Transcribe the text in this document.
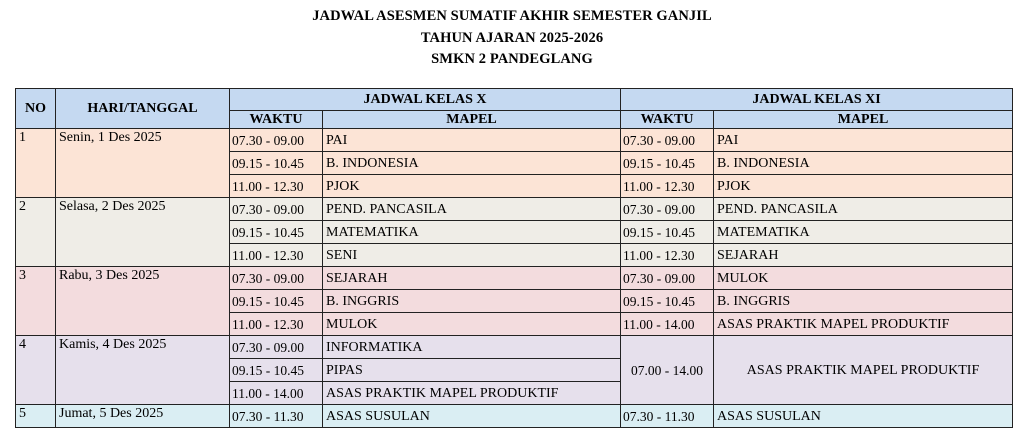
JADWAL ASESMEN SUMATIF AKHIR SEMESTER GANJIL
TAHUN AJARAN 2025-2026
SMKN 2 PANDEGLANG
NO	HARI/TANGGAL	JADWAL KELAS X		JADWAL KELAS XI	
		WAKTU	MAPEL	WAKTU	MAPEL
1	Senin, 1 Des 2025	07.30 - 09.00	PAI	07.30 - 09.00	PAI
		09.15 - 10.45	B. INDONESIA	09.15 - 10.45	B. INDONESIA
		11.00 - 12.30	PJOK	11.00 - 12.30	PJOK
2	Selasa, 2 Des 2025	07.30 - 09.00	PEND. PANCASILA	07.30 - 09.00	PEND. PANCASILA
		09.15 - 10.45	MATEMATIKA	09.15 - 10.45	MATEMATIKA
		11.00 - 12.30	SENI	11.00 - 12.30	SEJARAH
3	Rabu, 3 Des 2025	07.30 - 09.00	SEJARAH	07.30 - 09.00	MULOK
		09.15 - 10.45	B. INGGRIS	09.15 - 10.45	B. INGGRIS
		11.00 - 12.30	MULOK	11.00 - 14.00	ASAS PRAKTIK MAPEL PRODUKTIF
4	Kamis, 4 Des 2025	07.30 - 09.00	INFORMATIKA	07.00 - 14.00	ASAS PRAKTIK MAPEL PRODUKTIF
		09.15 - 10.45	PIPAS		
		11.00 - 14.00	ASAS PRAKTIK MAPEL PRODUKTIF		
5	Jumat, 5 Des 2025	07.30 - 11.30	ASAS SUSULAN	07.30 - 11.30	ASAS SUSULAN
